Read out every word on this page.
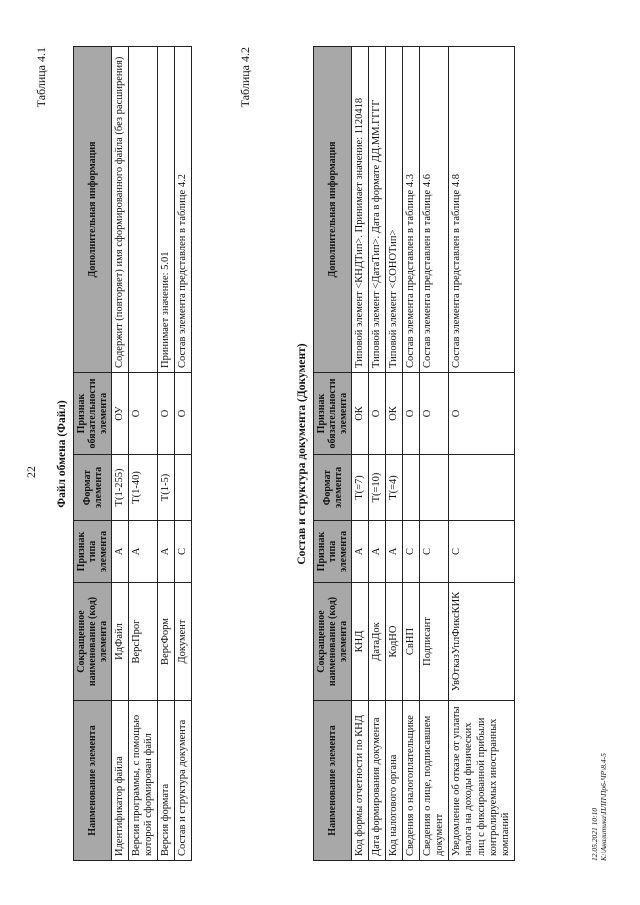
22
Таблица 4.1
Файл обмена (Файл)
Наименование элемента	Сокращенное наименование (код) элемента	Признак типа элемента	Формат элемента	Признак обязательности элемента	Дополнительная информация
Идентификатор файла	ИдФайл	А	T(1-255)	ОУ	Содержит (повторяет) имя сформированного файла (без расширения)
Версия программы, с помощью которой сформирован файл	ВерсПрог	А	T(1-40)	О	
Версия формата	ВерсФорм	А	T(1-5)	О	Принимает значение: 5.01
Состав и структура документа	Документ	С		О	Состав элемента представлен в таблице 4.2
Таблица 4.2
Состав и структура документа (Документ)
Наименование элемента	Сокращенное наименование (код) элемента	Признак типа элемента	Формат элемента	Признак обязательности элемента	Дополнительная информация
Код формы отчетности по КНД	КНД	А	T(=7)	ОК	Типовой элемент <КНДТип>. Принимает значение: 1120418
Дата формирования документа	ДатаДок	А	T(=10)	О	Типовой элемент <ДатаТип>. Дата в формате ДД.ММ.ГГГГ
Код налогового органа	КодНО	А	T(=4)	ОК	Типовой элемент <СОНОТип>
Сведения о налогоплательщике	СвНП	С		О	Состав элемента представлен в таблице 4.3
Сведения о лице, подписавшем документ	Подписант	С		О	Состав элемента представлен в таблице 4.6
Уведомление об отказе от уплаты налога на доходы физических лиц с фиксированной прибыли контролируемых иностранных компаний	УвОтказУплФиксКИК	С		О	Состав элемента представлен в таблице 4.8
12.05.2021 10:10 K:\Аналитика\ПЛП\Пр6-ЧР\8.4-5
